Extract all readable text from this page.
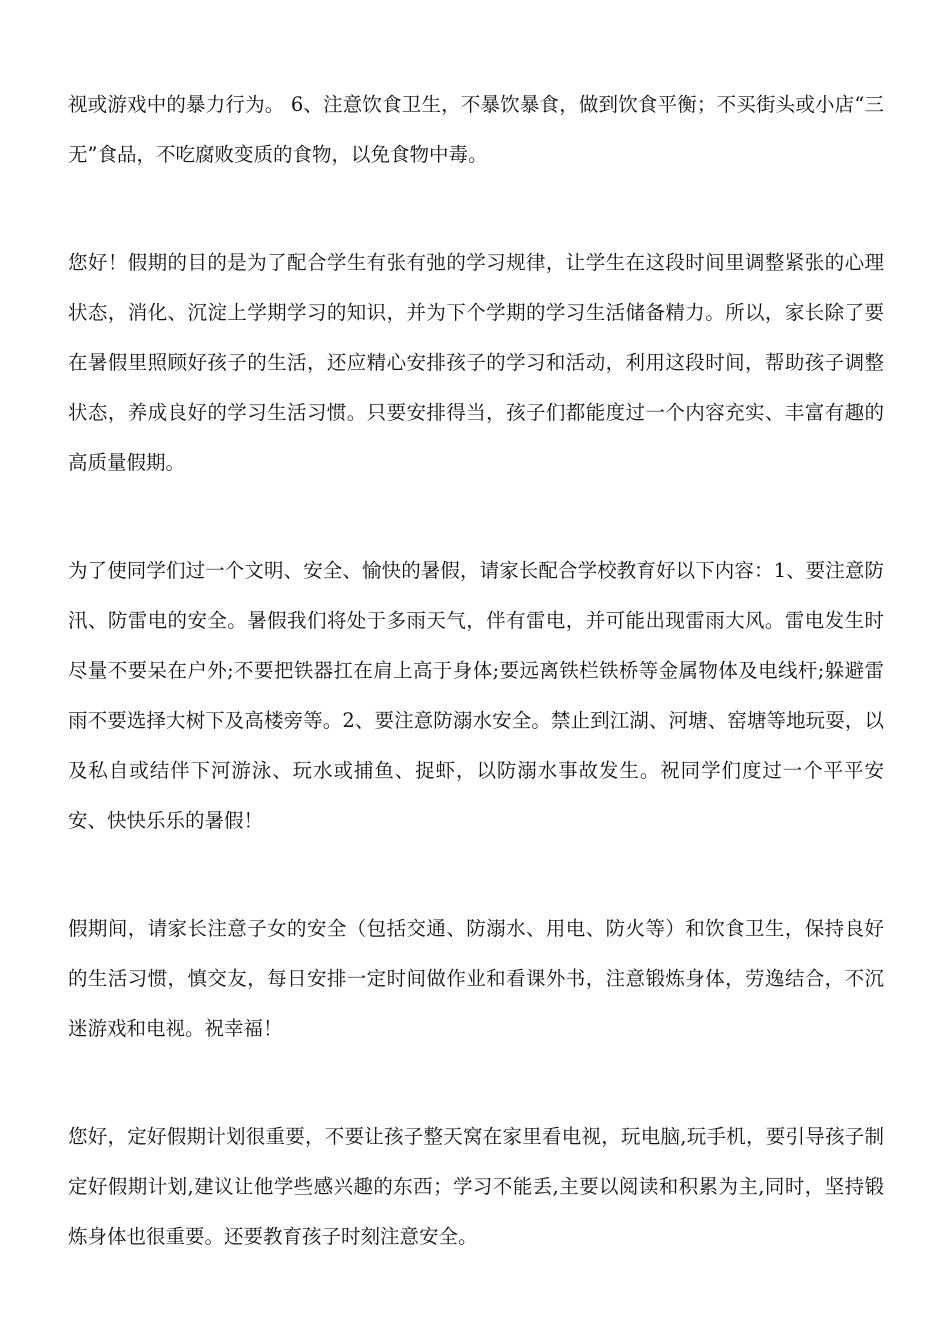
视或游戏中的暴力行为。 6、注意饮食卫生，不暴饮暴食，做到饮食平衡；不买街头或小店“三无”食品，不吃腐败变质的食物，以免食物中毒。

您好！假期的目的是为了配合学生有张有弛的学习规律，让学生在这段时间里调整紧张的心理状态，消化、沉淀上学期学习的知识，并为下个学期的学习生活储备精力。所以，家长除了要在暑假里照顾好孩子的生活，还应精心安排孩子的学习和活动，利用这段时间，帮助孩子调整状态，养成良好的学习生活习惯。只要安排得当，孩子们都能度过一个内容充实、丰富有趣的高质量假期。

为了使同学们过一个文明、安全、愉快的暑假，请家长配合学校教育好以下内容：1、要注意防汛、防雷电的安全。暑假我们将处于多雨天气，伴有雷电，并可能出现雷雨大风。雷电发生时尽量不要呆在户外;不要把铁器扛在肩上高于身体;要远离铁栏铁桥等金属物体及电线杆;躲避雷雨不要选择大树下及高楼旁等。2、要注意防溺水安全。禁止到江湖、河塘、窑塘等地玩耍，以及私自或结伴下河游泳、玩水或捕鱼、捉虾，以防溺水事故发生。祝同学们度过一个平平安安、快快乐乐的暑假！

假期间，请家长注意子女的安全（包括交通、防溺水、用电、防火等）和饮食卫生，保持良好的生活习惯，慎交友，每日安排一定时间做作业和看课外书，注意锻炼身体，劳逸结合，不沉迷游戏和电视。祝幸福！

您好，定好假期计划很重要，不要让孩子整天窝在家里看电视，玩电脑,玩手机，要引导孩子制定好假期计划,建议让他学些感兴趣的东西；学习不能丢,主要以阅读和积累为主,同时，坚持锻炼身体也很重要。还要教育孩子时刻注意安全。
